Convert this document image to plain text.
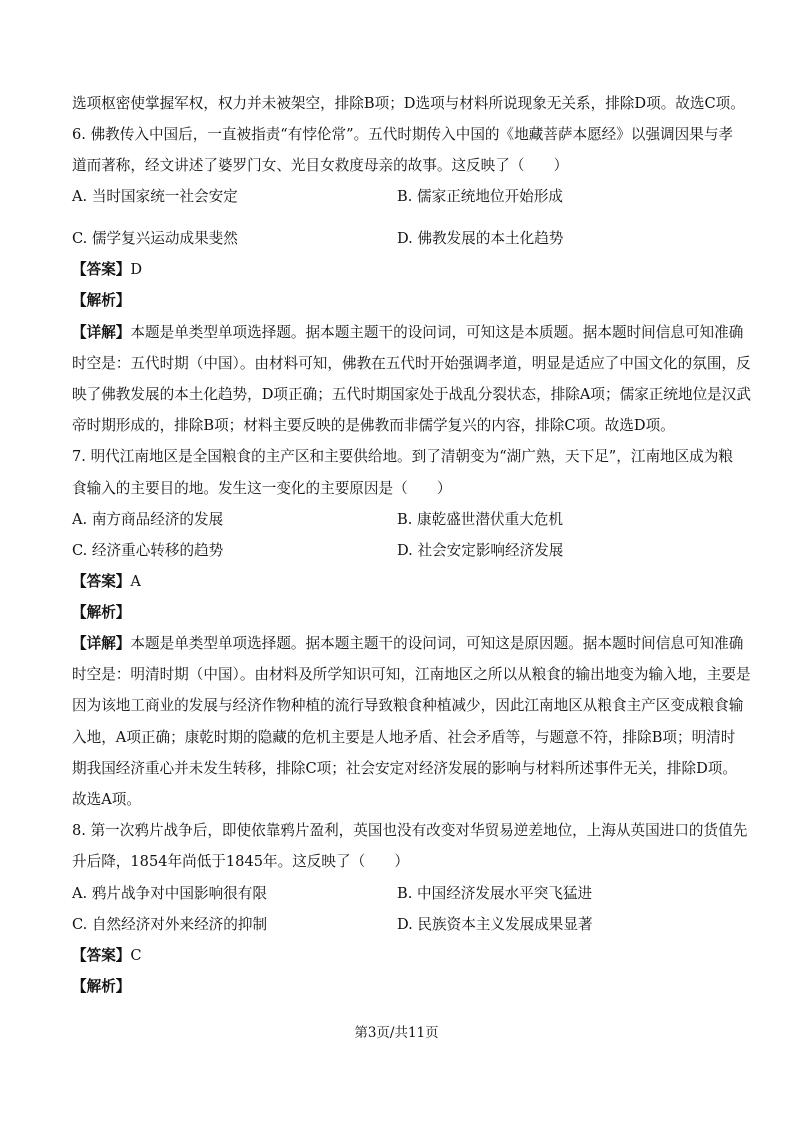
选项枢密使掌握军权，权力并未被架空，排除B项；D选项与材料所说现象无关系，排除D项。故选C项。
6. 佛教传入中国后，一直被指责“有悖伦常”。五代时期传入中国的《地藏菩萨本愿经》以强调因果与孝
道而著称，经文讲述了婆罗门女、光目女救度母亲的故事。这反映了（　　）
A. 当时国家统一社会安定	B. 儒家正统地位开始形成
C. 儒学复兴运动成果斐然	D. 佛教发展的本土化趋势
【答案】D
【解析】
【详解】本题是单类型单项选择题。据本题主题干的设问词，可知这是本质题。据本题时间信息可知准确
时空是：五代时期（中国）。由材料可知，佛教在五代时开始强调孝道，明显是适应了中国文化的氛围，反
映了佛教发展的本土化趋势，D项正确；五代时期国家处于战乱分裂状态，排除A项；儒家正统地位是汉武
帝时期形成的，排除B项；材料主要反映的是佛教而非儒学复兴的内容，排除C项。故选D项。
7. 明代江南地区是全国粮食的主产区和主要供给地。到了清朝变为“湖广熟，天下足”，江南地区成为粮
食输入的主要目的地。发生这一变化的主要原因是（　　）
A. 南方商品经济的发展	B. 康乾盛世潜伏重大危机
C. 经济重心转移的趋势	D. 社会安定影响经济发展
【答案】A
【解析】
【详解】本题是单类型单项选择题。据本题主题干的设问词，可知这是原因题。据本题时间信息可知准确
时空是：明清时期（中国）。由材料及所学知识可知，江南地区之所以从粮食的输出地变为输入地，主要是
因为该地工商业的发展与经济作物种植的流行导致粮食种植减少，因此江南地区从粮食主产区变成粮食输
入地，A项正确；康乾时期的隐藏的危机主要是人地矛盾、社会矛盾等，与题意不符，排除B项；明清时
期我国经济重心并未发生转移，排除C项；社会安定对经济发展的影响与材料所述事件无关，排除D项。
故选A项。
8. 第一次鸦片战争后，即使依靠鸦片盈利，英国也没有改变对华贸易逆差地位，上海从英国进口的货值先
升后降，1854年尚低于1845年。这反映了（　　）
A. 鸦片战争对中国影响很有限	B. 中国经济发展水平突飞猛进
C. 自然经济对外来经济的抑制	D. 民族资本主义发展成果显著
【答案】C
【解析】
第3页/共11页
